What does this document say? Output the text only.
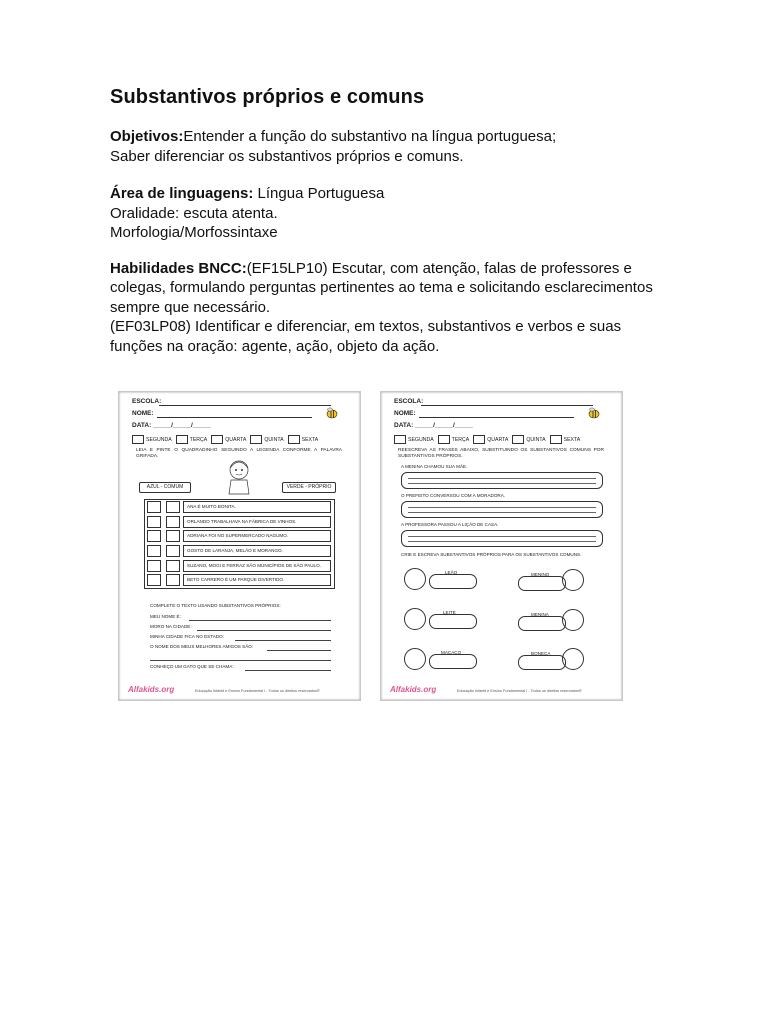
Substantivos próprios e comuns

Objetivos:Entender a função do substantivo na língua portuguesa;
Saber diferenciar os substantivos próprios e comuns.

Área de linguagens: Língua Portuguesa
Oralidade: escuta atenta.
Morfologia/Morfossintaxe

Habilidades BNCC:(EF15LP10) Escutar, com atenção, falas de professores e colegas, formulando perguntas pertinentes ao tema e solicitando esclarecimentos sempre que necessário.
(EF03LP08) Identificar e diferenciar, em textos, substantivos e verbos e suas funções na oração: agente, ação, objeto da ação.

ESCOLA:
NOME:
DATA: _____/_____/_____
SEGUNDA	TERÇA	QUARTA	QUINTA	SEXTA
LEIA E PINTE O QUADRADINHO SEGUINDO A LEGENDA CONFORME A PALAVRA GRIFADA.
AZUL - COMUM	VERDE - PRÓPRIO
ANA É MUITO BONITA.
ORLANDO TRABALHAVA NA FÁBRICA DE VINHOS.
ADRIANA FOI NO SUPERMERCADO NAGUMO.
GOSTO DE LARANJA, MELÃO E MORANGO.
SUZANO, MOGI E FERRAZ SÃO MUNICÍPIOS DE SÃO PAULO.
BETO CARRERO É UM PARQUE DIVERTIDO.
COMPLETE O TEXTO USANDO SUBSTANTIVOS PRÓPRIOS:
MEU NOME É:
MORO NA CIDADE:
MINHA CIDADE FICA NO ESTADO:
O NOME DOS MEUS MELHORES AMIGOS SÃO:
CONHEÇO UM GATO QUE SE CHAMA:
Alfakids.org	Educação Infantil e Ensino Fundamental I - Todos os direitos reservados®
ESCOLA:
NOME:
DATA: _____/_____/_____
SEGUNDA	TERÇA	QUARTA	QUINTA	SEXTA
REESCREVA AS FRASES ABAIXO, SUBSTITUINDO OS SUBSTANTIVOS COMUNS POR SUBSTANTIVOS PRÓPRIOS.
A MENINA CHAMOU SUA MÃE.
O PREFEITO CONVERSOU COM A MORADORA.
A PROFESSORA PASSOU A LIÇÃO DE CASA.
CRIE E ESCREVA SUBSTANTIVOS PRÓPRIOS PARA OS SUBSTANTIVOS COMUNS.
LEÃO
LEITE
MACACO
MENINO
MENINA
BONECA
Alfakids.org	Educação Infantil e Ensino Fundamental I - Todos os direitos reservados®
